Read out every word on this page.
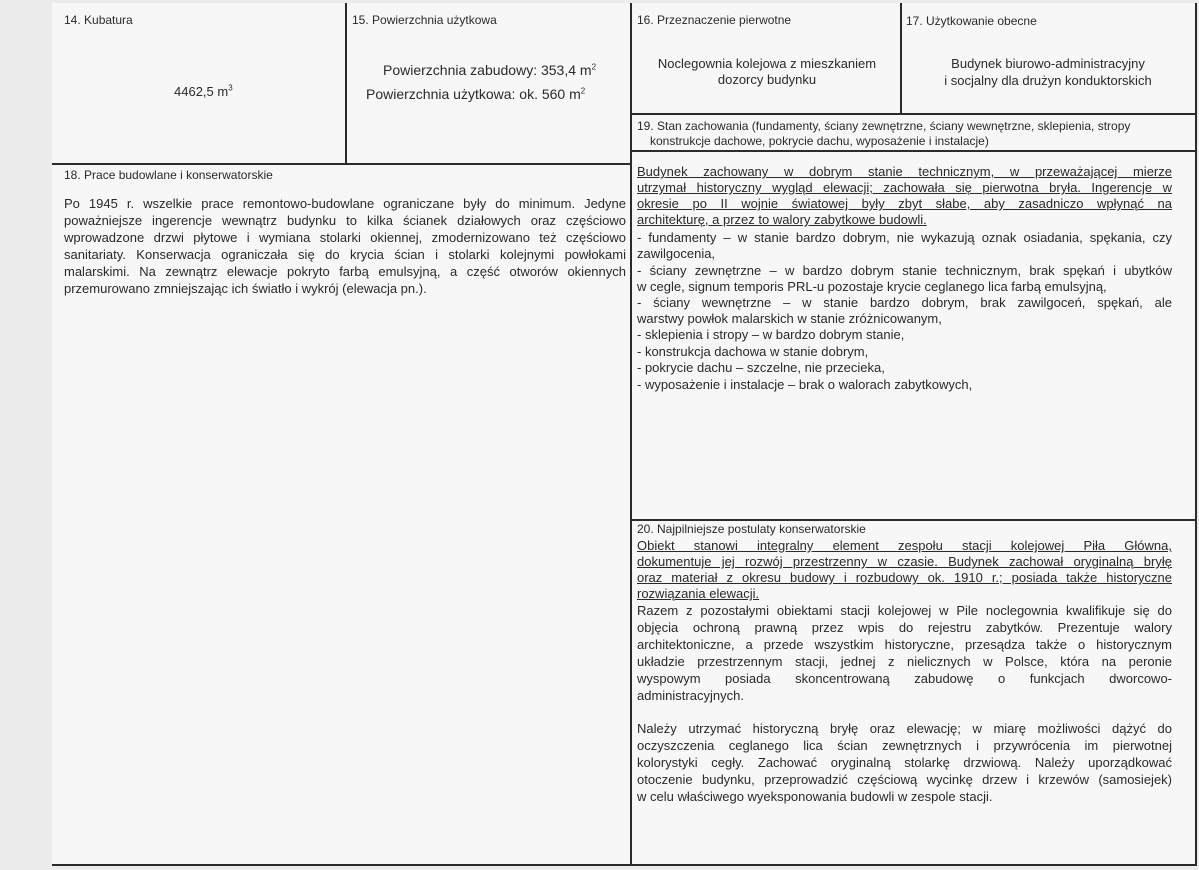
14. Kubatura
4462,5 $m^3$
15. Powierzchnia użytkowa
Powierzchnia zabudowy: 353,4 $m^2$
Powierzchnia użytkowa: ok. 560 $m^2$
16. Przeznaczenie pierwotne
Noclegownia kolejowa z mieszkaniem
dozorcy budynku
17. Użytkowanie obecne
Budynek biurowo-administracyjny
i socjalny dla drużyn konduktorskich
19. Stan zachowania (fundamenty, ściany zewnętrzne, ściany wewnętrzne, sklepienia, stropy
konstrukcje dachowe, pokrycie dachu, wyposażenie i instalacje)
Budynek zachowany w dobrym stanie technicznym, w przeważającej mierze
utrzymał historyczny wygląd elewacji; zachowała się pierwotna bryła. Ingerencje w
okresie po II wojnie światowej były zbyt słabe, aby zasadniczo wpłynąć na
architekturę, a przez to walory zabytkowe budowli.
- fundamenty – w stanie bardzo dobrym, nie wykazują oznak osiadania, spękania, czy
zawilgocenia,
- ściany zewnętrzne – w bardzo dobrym stanie technicznym, brak spękań i ubytków
w cegle, signum temporis PRL-u pozostaje krycie ceglanego lica farbą emulsyjną,
- ściany wewnętrzne – w stanie bardzo dobrym, brak zawilgoceń, spękań, ale
warstwy powłok malarskich w stanie zróżnicowanym,
- sklepienia i stropy – w bardzo dobrym stanie,
- konstrukcja dachowa w stanie dobrym,
- pokrycie dachu – szczelne, nie przecieka,
- wyposażenie i instalacje – brak o walorach zabytkowych,
18. Prace budowlane i konserwatorskie
Po 1945 r. wszelkie prace remontowo-budowlane ograniczane były do minimum. Jedyne
poważniejsze ingerencje wewnątrz budynku to kilka ścianek działowych oraz częściowo
wprowadzone drzwi płytowe i wymiana stolarki okiennej, zmodernizowano też częściowo
sanitariaty. Konserwacja ograniczała się do krycia ścian i stolarki kolejnymi powłokami
malarskimi. Na zewnątrz elewacje pokryto farbą emulsyjną, a część otworów okiennych
przemurowano zmniejszając ich światło i wykrój (elewacja pn.).
20. Najpilniejsze postulaty konserwatorskie
Obiekt stanowi integralny element zespołu stacji kolejowej Piła Główna,
dokumentuje jej rozwój przestrzenny w czasie. Budynek zachował oryginalną bryłę
oraz materiał z okresu budowy i rozbudowy ok. 1910 r.; posiada także historyczne
rozwiązania elewacji.
Razem z pozostałymi obiektami stacji kolejowej w Pile noclegownia kwalifikuje się do
objęcia ochroną prawną przez wpis do rejestru zabytków. Prezentuje walory
architektoniczne, a przede wszystkim historyczne, przesądza także o historycznym
układzie przestrzennym stacji, jednej z nielicznych w Polsce, która na peronie
wyspowym posiada skoncentrowaną zabudowę o funkcjach dworcowo-
administracyjnych.
Należy utrzymać historyczną bryłę oraz elewację; w miarę możliwości dążyć do
oczyszczenia ceglanego lica ścian zewnętrznych i przywrócenia im pierwotnej
kolorystyki cegły. Zachować oryginalną stolarkę drzwiową. Należy uporządkować
otoczenie budynku, przeprowadzić częściową wycinkę drzew i krzewów (samosiejek)
w celu właściwego wyeksponowania budowli w zespole stacji.
